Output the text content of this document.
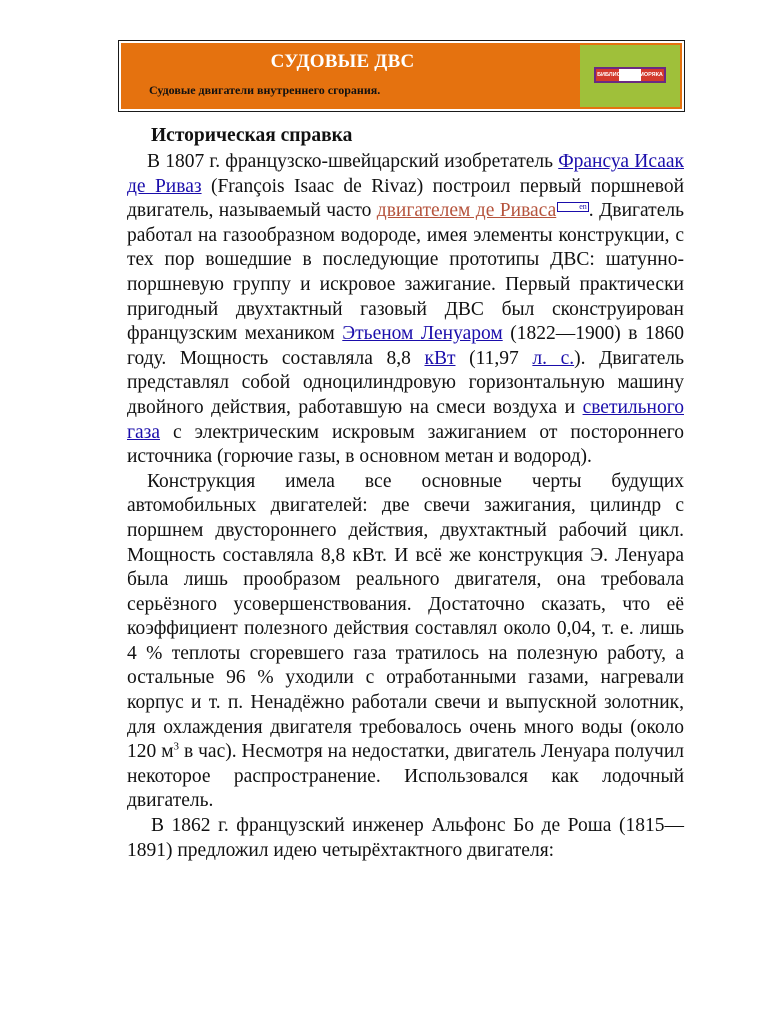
СУДОВЫЕ ДВС
Судовые двигатели внутреннего сгорания.
БИБЛИОТЕКА МОРЯКА
Историческая справка

В 1807 г. французско-швейцарский изобретатель Франсуа Исаак де Риваз (François Isaac de Rivaz) построил первый поршневой двигатель, называемый часто двигателем де Риваса	en . Двигатель работал на газообразном водороде, имея элементы конструкции, с тех пор вошедшие в последующие прототипы ДВС: шатунно-поршневую группу и искровое зажигание. Первый практически пригодный двухтактный газовый ДВС был сконструирован французским механиком Этьеном Ленуаром (1822—1900) в 1860 году. Мощность составляла 8,8 кВт (11,97 л. с.). Двигатель представлял собой одноцилиндровую горизонтальную машину двойного действия, работавшую на смеси воздуха и светильного газа с электрическим искровым зажиганием от постороннего источника (горючие газы, в основном метан и водород).

Конструкция имела все основные черты будущих автомобильных двигателей: две свечи зажигания, цилиндр с поршнем двустороннего действия, двухтактный рабочий цикл. Мощность составляла 8,8 кВт. И всё же конструкция Э. Ленуара была лишь прообразом реального двигателя, она требовала серьёзного усовершенствования. Достаточно сказать, что её коэффициент полезного действия составлял около 0,04, т. е. лишь 4 % теплоты сгоревшего газа тратилось на полезную работу, а остальные 96 % уходили с отработанными газами, нагревали корпус и т. п. Ненадёжно работали свечи и выпускной золотник, для охлаждения двигателя требовалось очень много воды (около 120 $м^3$ в час). Несмотря на недостатки, двигатель Ленуара получил некоторое распространение. Использовался как лодочный двигатель.

В 1862 г. французский инженер Альфонс Бо де Роша (1815—1891) предложил идею четырёхтактного двигателя:
